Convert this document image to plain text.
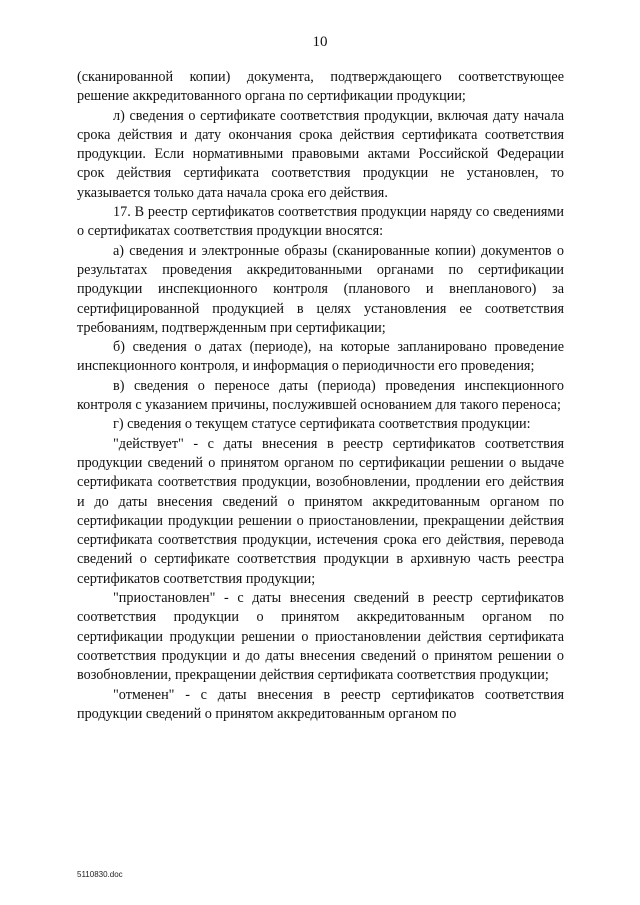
10

(сканированной копии) документа, подтверждающего соответствующее решение аккредитованного органа по сертификации продукции;

л) сведения о сертификате соответствия продукции, включая дату начала срока действия и дату окончания срока действия сертификата соответствия продукции. Если нормативными правовыми актами Российской Федерации срок действия сертификата соответствия продукции не установлен, то указывается только дата начала срока его действия.

17. В реестр сертификатов соответствия продукции наряду со сведениями о сертификатах соответствия продукции вносятся:

а) сведения и электронные образы (сканированные копии) документов о результатах проведения аккредитованными органами по сертификации продукции инспекционного контроля (планового и внепланового) за сертифицированной продукцией в целях установления ее соответствия требованиям, подтвержденным при сертификации;

б) сведения о датах (периоде), на которые запланировано проведение инспекционного контроля, и информация о периодичности его проведения;

в) сведения о переносе даты (периода) проведения инспекционного контроля с указанием причины, послужившей основанием для такого переноса;

г) сведения о текущем статусе сертификата соответствия продукции:

"действует" - с даты внесения в реестр сертификатов соответствия продукции сведений о принятом органом по сертификации решении о выдаче сертификата соответствия продукции, возобновлении, продлении его действия и до даты внесения сведений о принятом аккредитованным органом по сертификации продукции решении о приостановлении, прекращении действия сертификата соответствия продукции, истечения срока его действия, перевода сведений о сертификате соответствия продукции в архивную часть реестра сертификатов соответствия продукции;

"приостановлен" - с даты внесения сведений в реестр сертификатов соответствия продукции о принятом аккредитованным органом по сертификации продукции решении о приостановлении действия сертификата соответствия продукции и до даты внесения сведений о принятом решении о возобновлении, прекращении действия сертификата соответствия продукции;

"отменен" - с даты внесения в реестр сертификатов соответствия продукции сведений о принятом аккредитованным органом по

5110830.doc
